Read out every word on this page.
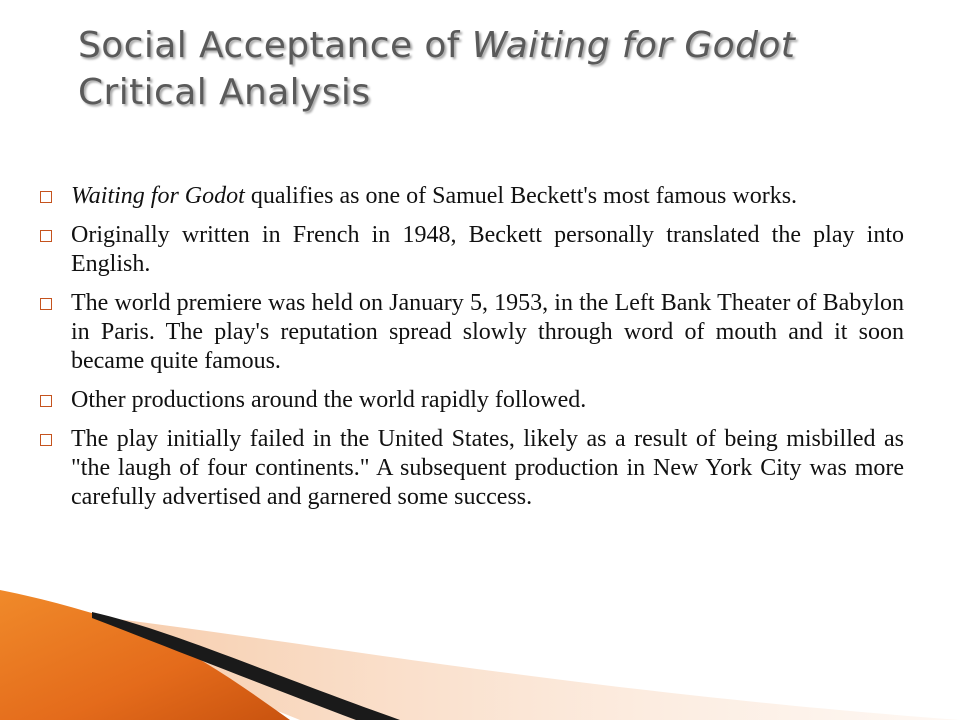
Social Acceptance of Waiting for Godot
Critical Analysis
Waiting for Godot qualifies as one of Samuel Beckett's most famous works.
Originally written in French in 1948, Beckett personally translated the play into English.
The world premiere was held on January 5, 1953, in the Left Bank Theater of Babylon in Paris. The play's reputation spread slowly through word of mouth and it soon became quite famous.
Other productions around the world rapidly followed.
The play initially failed in the United States, likely as a result of being misbilled as "the laugh of four continents." A subsequent production in New York City was more carefully advertised and garnered some success.
